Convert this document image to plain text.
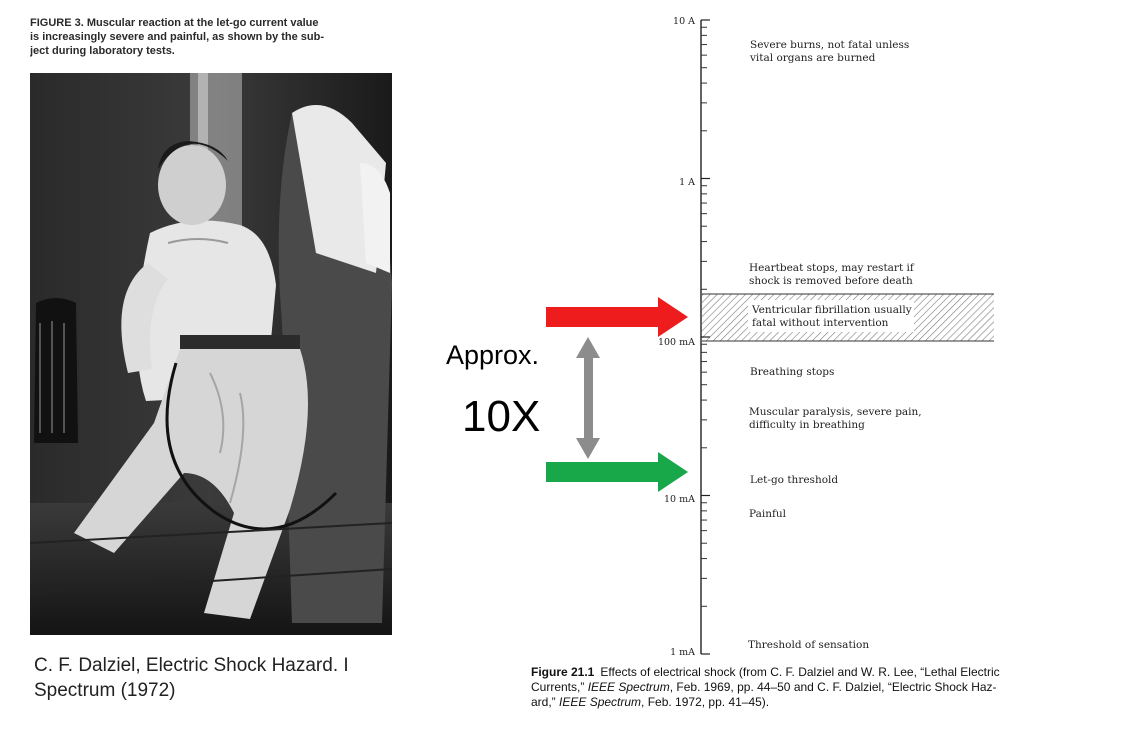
FIGURE 3. Muscular reaction at the let-go current value
is increasingly severe and painful, as shown by the sub-
ject during laboratory tests.
C. F. Dalziel, Electric Shock Hazard. I
Spectrum (1972)
Approx.
10X
10 A
1 A
100 mA
10 mA
1 mA
Severe burns, not fatal unless
vital organs are burned
Heartbeat stops, may restart if
shock is removed before death
Ventricular fibrillation usually
fatal without intervention
Breathing stops
Muscular paralysis, severe pain,
difficulty in breathing
Let-go threshold
Painful
Threshold of sensation
Figure 21.1 Effects of electrical shock (from C. F. Dalziel and W. R. Lee, “Lethal Electric
Currents,” IEEE Spectrum, Feb. 1969, pp. 44–50 and C. F. Dalziel, “Electric Shock Haz-
ard,” IEEE Spectrum, Feb. 1972, pp. 41–45).
